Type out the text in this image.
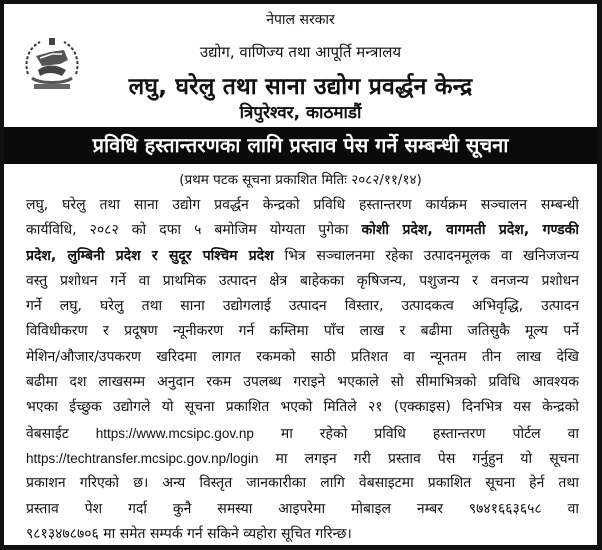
नेपाल सरकार
उद्योग, वाणिज्य तथा आपूर्ति मन्त्रालय
लघु, घरेलु तथा साना उद्योग प्रवर्द्धन केन्द्र
त्रिपुरेश्वर, काठमाडौं
प्रविधि हस्तान्तरणका लागि प्रस्ताव पेस गर्ने सम्बन्धी सूचना
(प्रथम पटक सूचना प्रकाशित मितिः २०८२/११/१४)
लघु, घरेलु तथा साना उद्योग प्रवर्द्धन केन्द्रको प्रविधि हस्तान्तरण कार्यक्रम सञ्चालन सम्बन्धी
कार्यविधि, २०८२ को दफा ५ बमोजिम योग्यता पुगेका कोशी प्रदेश, वागमती प्रदेश, गण्डकी
प्रदेश, लुम्बिनी प्रदेश र सुदूर पश्चिम प्रदेश भित्र सञ्चालनमा रहेका उत्पादनमूलक वा खनिजजन्य
वस्तु प्रशोधन गर्ने वा प्राथमिक उत्पादन क्षेत्र बाहेकका कृषिजन्य, पशुजन्य र वनजन्य प्रशोधन
गर्ने लघु, घरेलु तथा साना उद्योगलाई उत्पादन विस्तार, उत्पादकत्व अभिवृद्धि, उत्पादन
विविधीकरण र प्रदूषण न्यूनीकरण गर्न कम्तिमा पाँच लाख र बढीमा जतिसुकै मूल्य पर्ने
मेशिन/औजार/उपकरण खरिदमा लागत रकमको साठी प्रतिशत वा न्यूनतम तीन लाख देखि
बढीमा दश लाखसम्म अनुदान रकम उपलब्ध गराइने भएकाले सो सीमाभित्रको प्रविधि आवश्यक
भएका ईच्छुक उद्योगले यो सूचना प्रकाशित भएको मितिले २१ (एक्काइस) दिनभित्र यस केन्द्रको
वेबसाईट https://www.mcsipc.gov.np मा रहेको प्रविधि हस्तान्तरण पोर्टल वा
https://techtransfer.mcsipc.gov.np/login मा लगइन गरी प्रस्ताव पेस गर्नुहुन यो सूचना
प्रकाशन गरिएको छ। अन्य विस्तृत जानकारीका लागि वेबसाइटमा प्रकाशित सूचना हेर्न तथा
प्रस्ताव पेश गर्दा कुनै समस्या आइपरेमा मोबाइल नम्बर ९७४१६६३६५८ वा
९८१३४७८७०६ मा समेत सम्पर्क गर्न सकिने व्यहोरा सूचित गरिन्छ।
